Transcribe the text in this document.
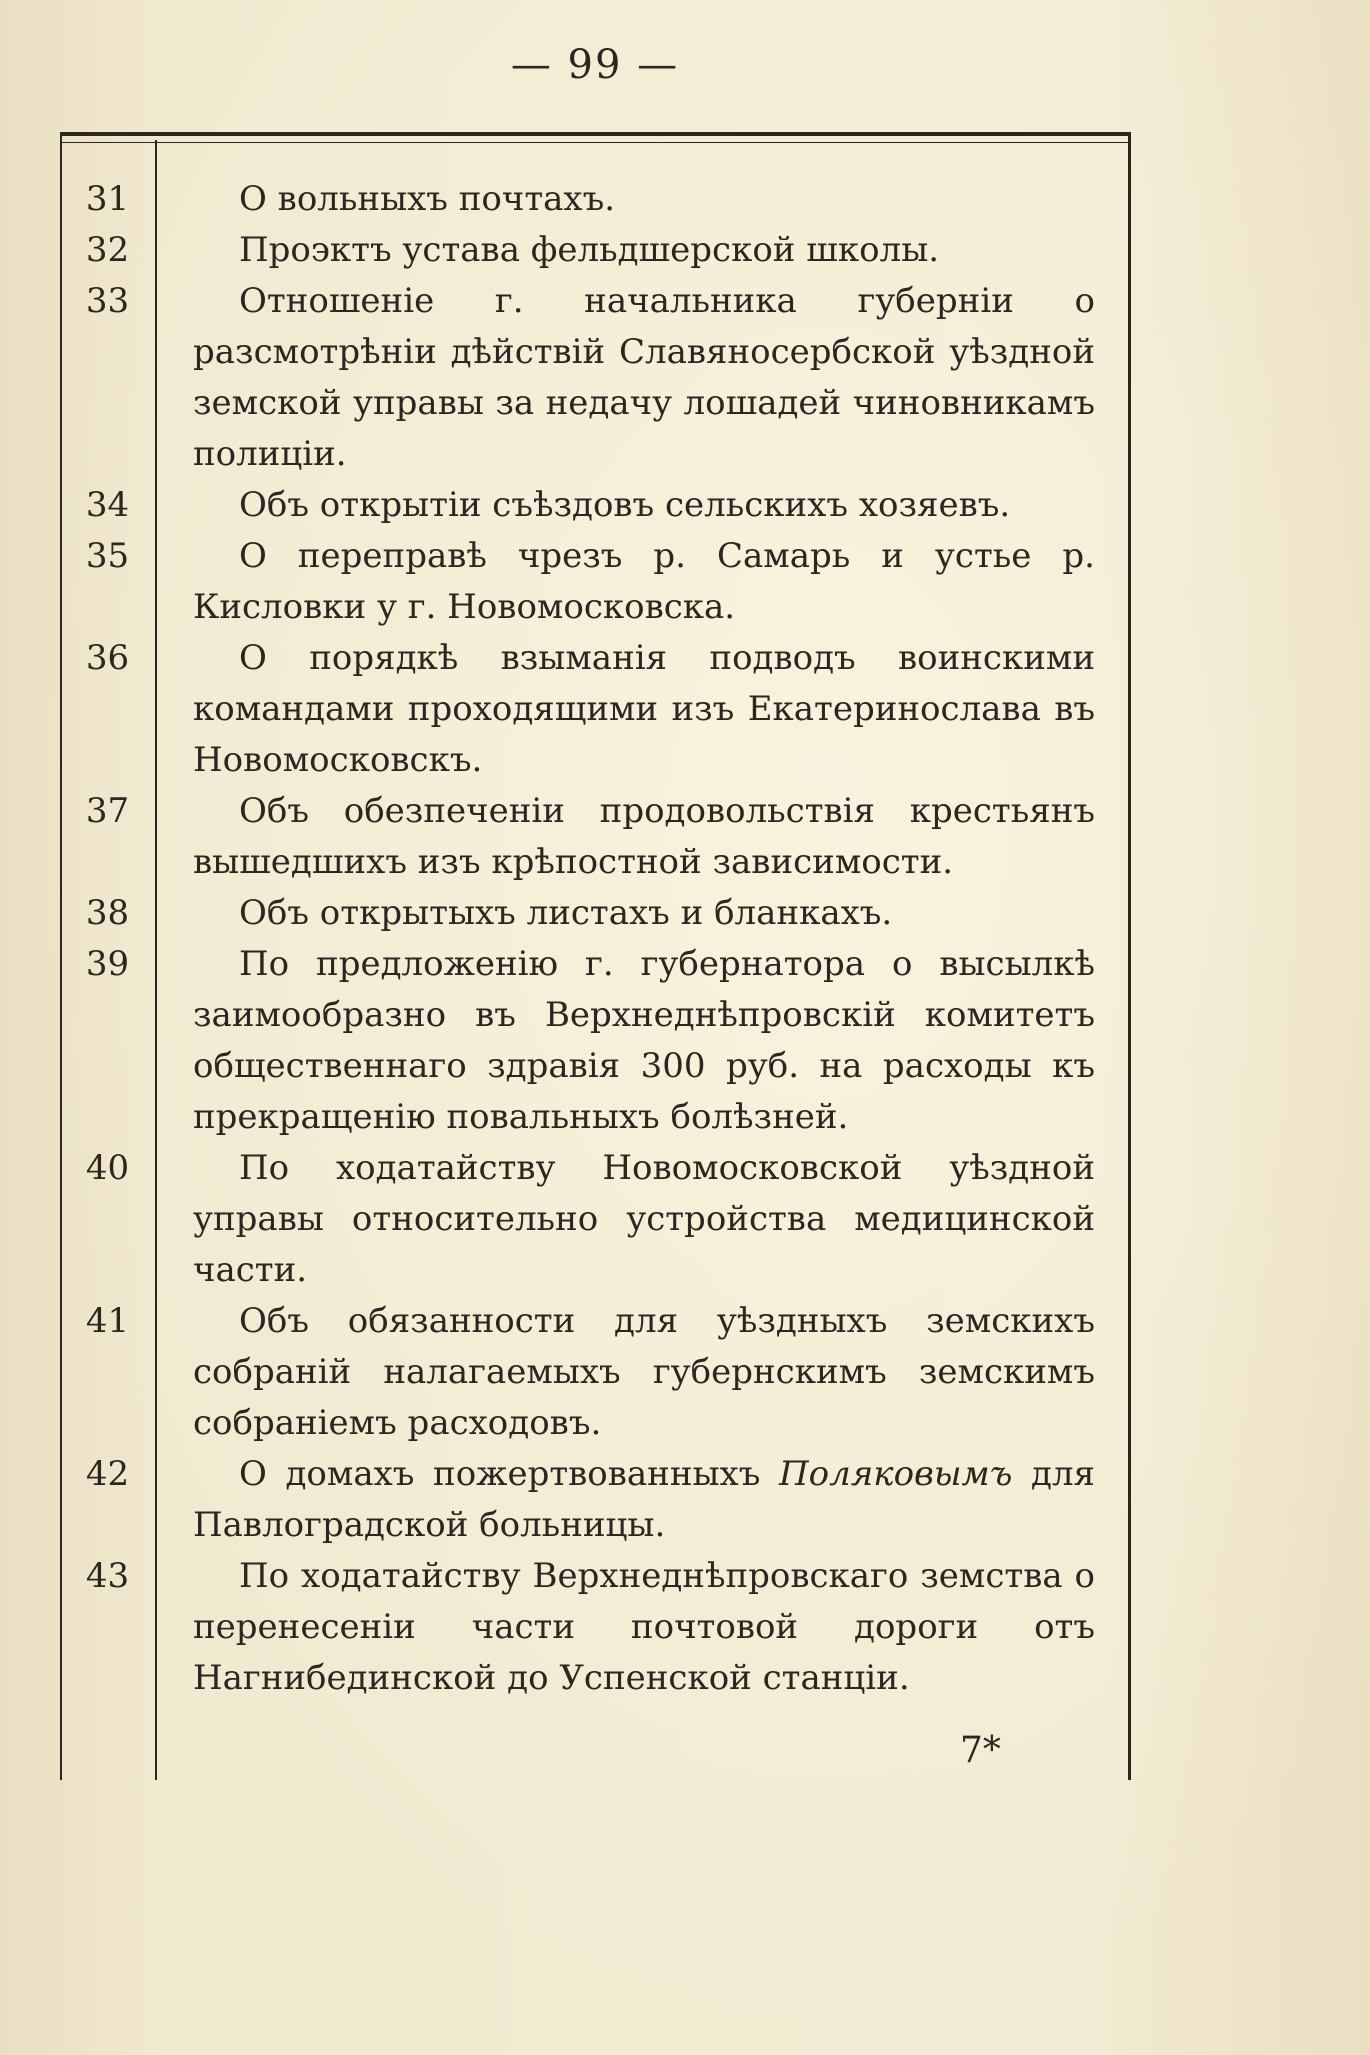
— 99 —
31	О вольныхъ почтахъ.
32	Проэктъ устава фельдшерской школы.
33	Отношеніе г. начальника губерніи о разсмотрѣніи дѣйствій Славяносербской уѣздной земской управы за недачу лошадей чиновникамъ полиціи.
34	Объ открытіи съѣздовъ сельскихъ хозяевъ.
35	О переправѣ чрезъ р. Самарь и устье р. Кисловки у г. Новомосковска.
36	О порядкѣ взыманія подводъ воинскими командами проходящими изъ Екатеринослава въ Новомосковскъ.
37	Объ обезпеченіи продовольствія крестьянъ вышедшихъ изъ крѣпостной зависимости.
38	Объ открытыхъ листахъ и бланкахъ.
39	По предложенію г. губернатора о высылкѣ заимообразно въ Верхнеднѣпровскій комитетъ общественнаго здравія 300 руб. на расходы къ прекращенію повальныхъ болѣзней.
40	По ходатайству Новомосковской уѣздной управы относительно устройства медицинской части.
41	Объ обязанности для уѣздныхъ земскихъ собраній налагаемыхъ губернскимъ земскимъ собраніемъ расходовъ.
42	О домахъ пожертвованныхъ Поляковымъ для Павлоградской больницы.
43	По ходатайству Верхнеднѣпровскаго земства о перенесеніи части почтовой дороги отъ Нагнибединской до Успенской станціи.
7*
